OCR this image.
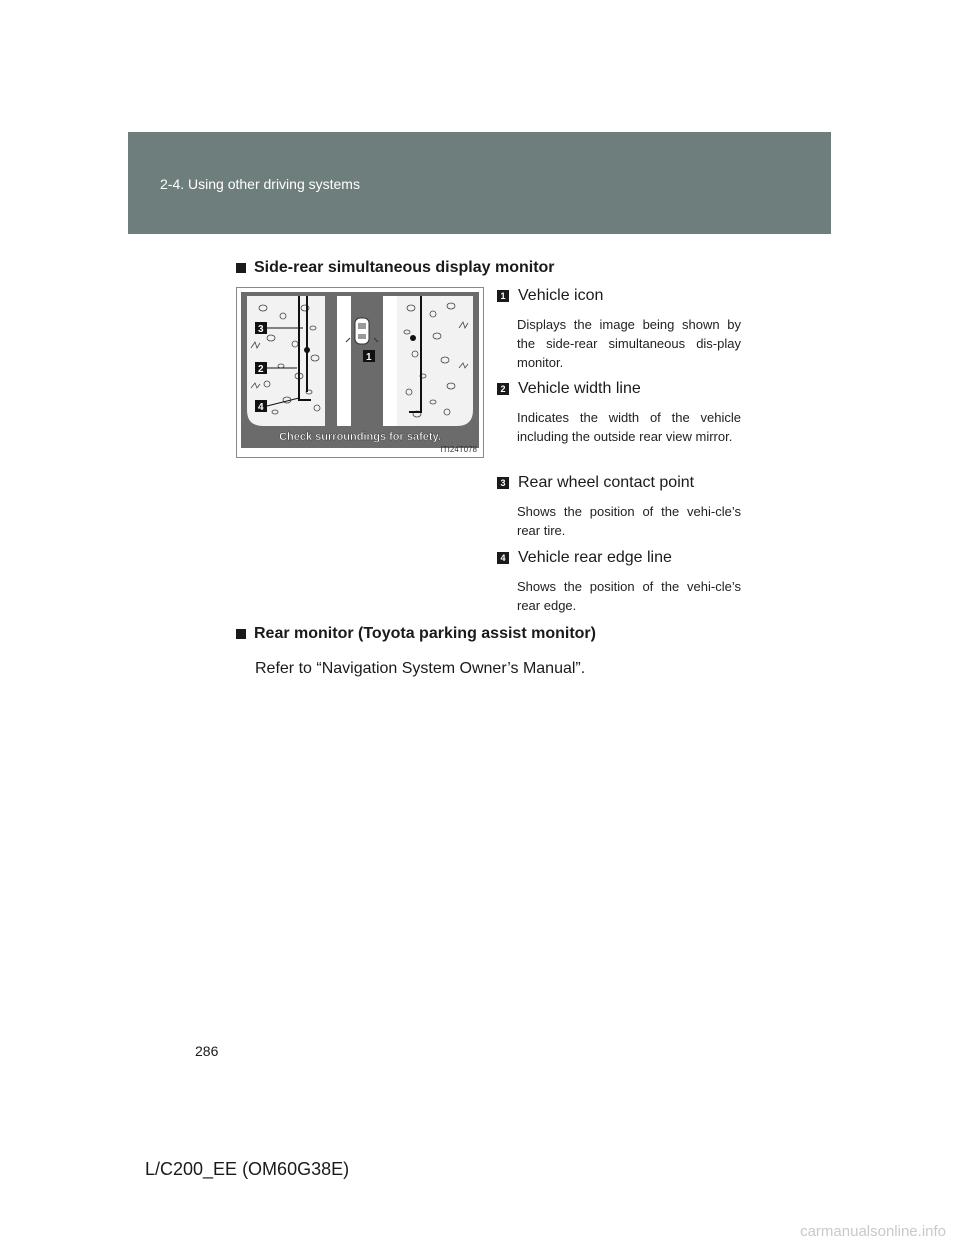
2-4. Using other driving systems
Side-rear simultaneous display monitor
3
2
4
1
Check surroundings for safety.
ITI24T078
1 Vehicle icon
Displays the image being shown by the side-rear simultaneous dis-play monitor.
2 Vehicle width line
Indicates the width of the vehicle including the outside rear view mirror.
3 Rear wheel contact point
Shows the position of the vehi-cle’s rear tire.
4 Vehicle rear edge line
Shows the position of the vehi-cle’s rear edge.
Rear monitor (Toyota parking assist monitor)
Refer to “Navigation System Owner’s Manual”.
286
L/C200_EE (OM60G38E)
carmanualsonline.info
